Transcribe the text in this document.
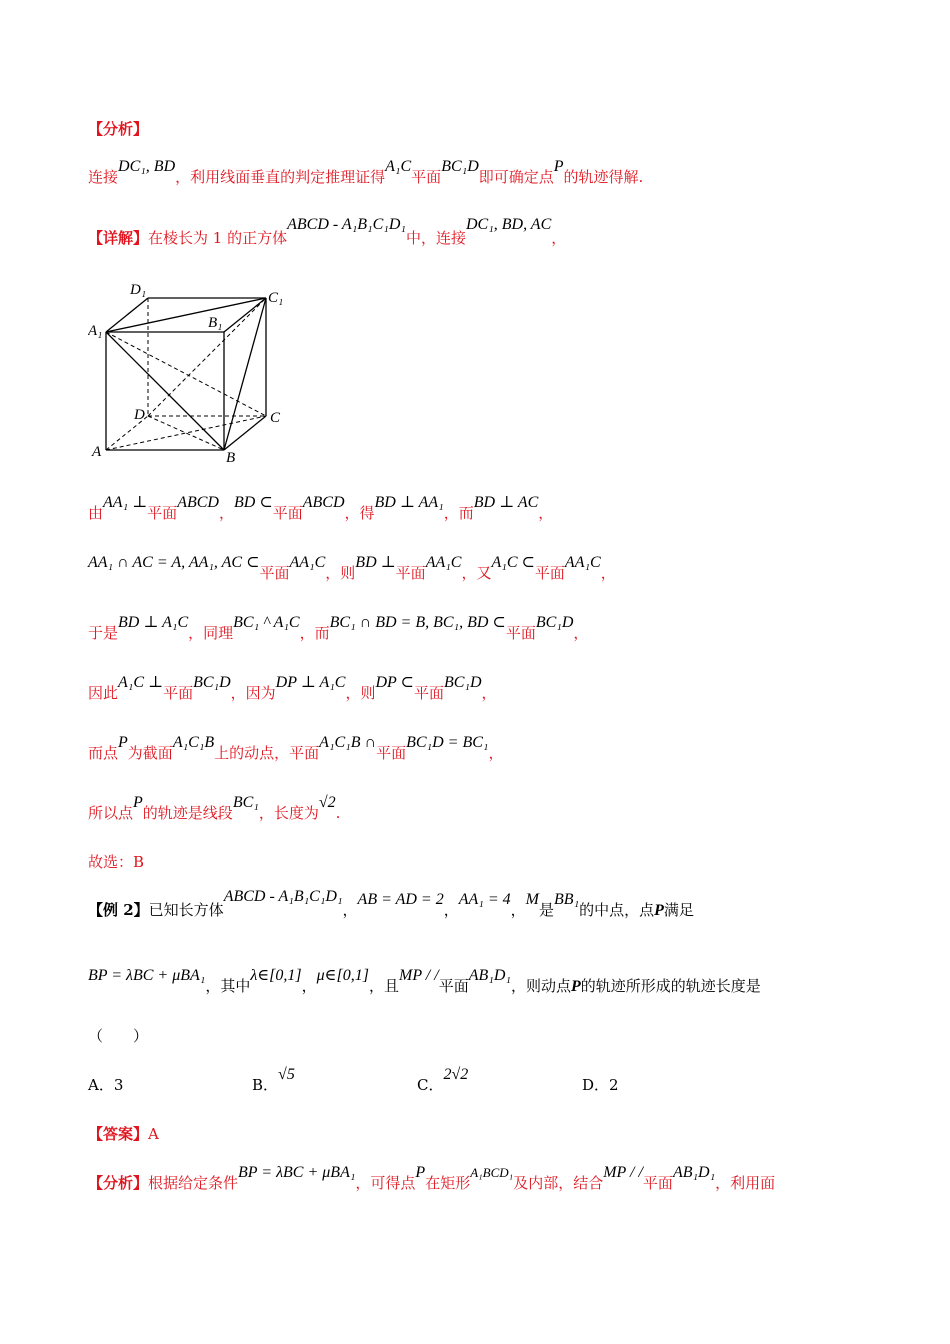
【分析】
连接DC₁, BD，利用线面垂直的判定推理证得A₁C平面BC₁D即可确定点P的轨迹得解.
【详解】在棱长为 1 的正方体ABCD - A₁B₁C₁D₁中，连接DC₁, BD, AC，
D₁	C₁
A₁	B₁
D	C
A	B
由AA₁ ⊥平面ABCD，BD ⊂平面ABCD，得BD ⊥ AA₁，而BD ⊥ AC，
AA₁ ∩ AC = A, AA₁, AC ⊂平面AA₁C，则BD ⊥平面AA₁C，又A₁C ⊂平面AA₁C，
于是BD ⊥ A₁C，同理BC₁ ^ A₁C，而BC₁ ∩ BD = B, BC₁, BD ⊂平面BC₁D，
因此A₁C ⊥平面BC₁D，因为DP ⊥ A₁C，则DP ⊂平面BC₁D，
而点P为截面A₁C₁B上的动点，平面A₁C₁B ∩平面BC₁D = BC₁，
所以点P的轨迹是线段BC₁，长度为√2.
故选：B
【例 2】已知长方体ABCD - A₁B₁C₁D₁，AB = AD = 2，AA₁ = 4，M是BB₁的中点，点P满足
BP = λBC + μBA₁，其中λ∈[0,1]，μ∈[0,1]，且MP / /平面AB₁D₁，则动点P的轨迹所形成的轨迹长度是
（　　）
A．3	B．√5
C．2√2
D．2
【答案】A
【分析】根据给定条件BP = λBC + μBA₁，可得点P在矩形A₁BCD₁及内部，结合MP / /平面AB₁D₁，利用面
